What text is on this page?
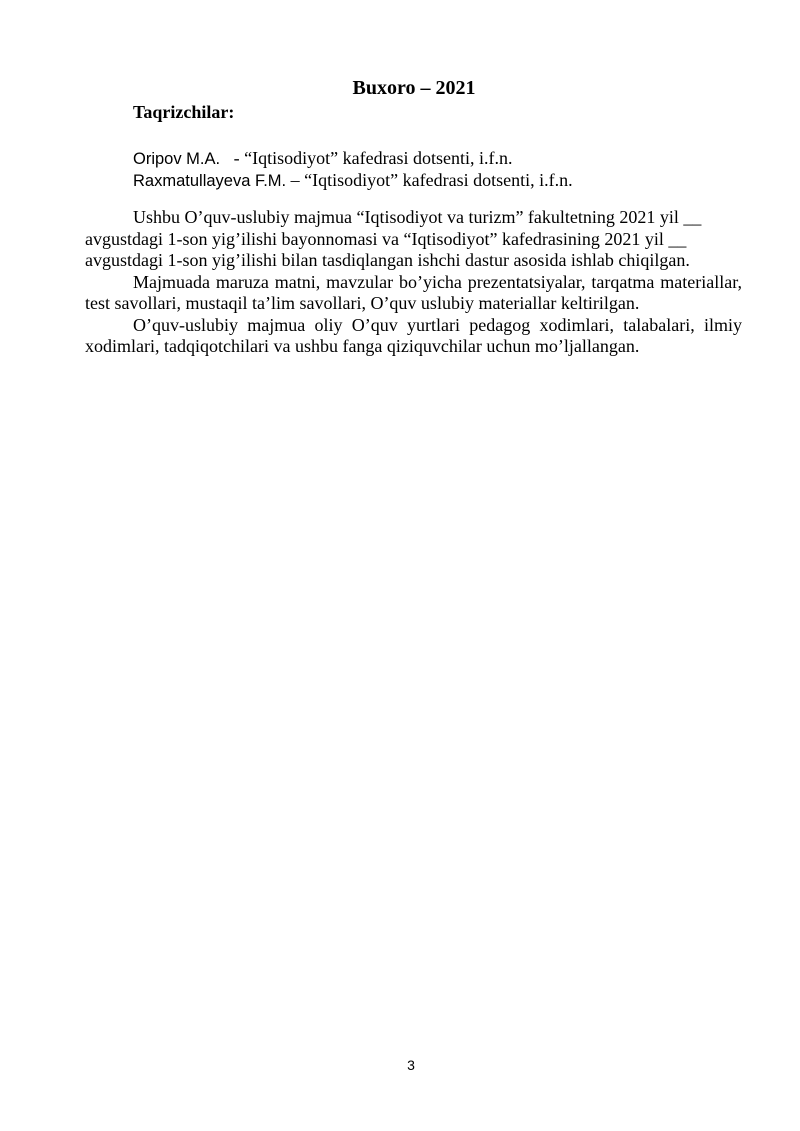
Buxoro – 2021
Taqrizchilar:
Oripov M.A.   - “Iqtisodiyot” kafedrasi dotsenti, i.f.n.
Raxmatullayeva F.M. – “Iqtisodiyot” kafedrasi dotsenti, i.f.n.

Ushbu O’quv-uslubiy majmua “Iqtisodiyot va turizm” fakultetning 2021 yil __ avgustdagi 1-son yig’ilishi bayonnomasi va “Iqtisodiyot” kafedrasining 2021 yil __ avgustdagi 1-son yig’ilishi bilan tasdiqlangan ishchi dastur asosida ishlab chiqilgan.

Majmuada maruza matni, mavzular bo’yicha prezentatsiyalar, tarqatma materiallar, test savollari, mustaqil ta’lim savollari, O’quv uslubiy materiallar keltirilgan.

O’quv-uslubiy majmua oliy O’quv yurtlari pedagog xodimlari, talabalari, ilmiy xodimlari, tadqiqotchilari va ushbu fanga qiziquvchilar uchun mo’ljallangan.

3
